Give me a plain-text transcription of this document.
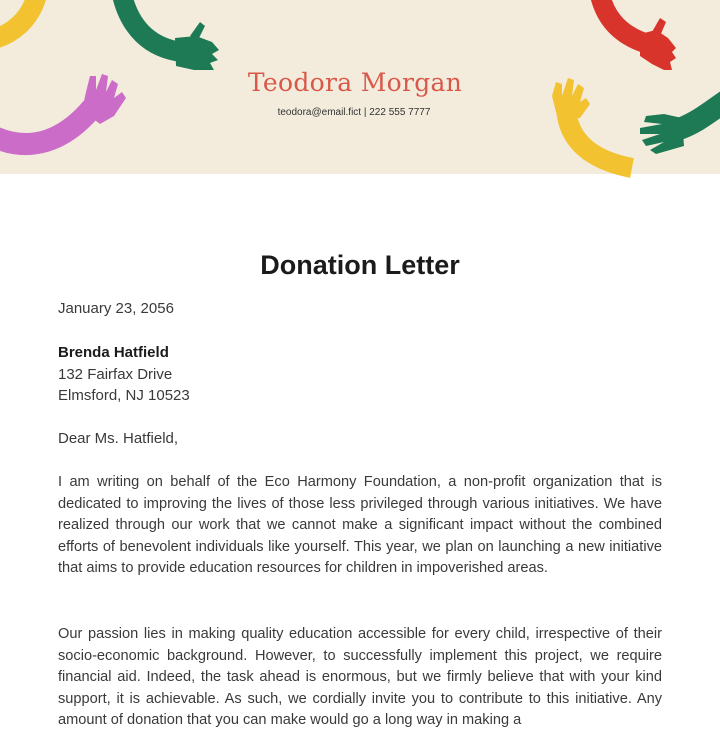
Teodora Morgan
teodora@email.fict | 222 555 7777
Donation Letter
January 23, 2056
Brenda Hatfield
132 Fairfax Drive
Elmsford, NJ 10523
Dear Ms. Hatfield,

I am writing on behalf of the Eco Harmony Foundation, a non-profit organization that is dedicated to improving the lives of those less privileged through various initiatives. We have realized through our work that we cannot make a significant impact without the combined efforts of benevolent individuals like yourself. This year, we plan on launching a new initiative that aims to provide education resources for children in impoverished areas.

Our passion lies in making quality education accessible for every child, irrespective of their socio-economic background. However, to successfully implement this project, we require financial aid. Indeed, the task ahead is enormous, but we firmly believe that with your kind support, it is achievable. As such, we cordially invite you to contribute to this initiative. Any amount of donation that you can make would go a long way in making a
